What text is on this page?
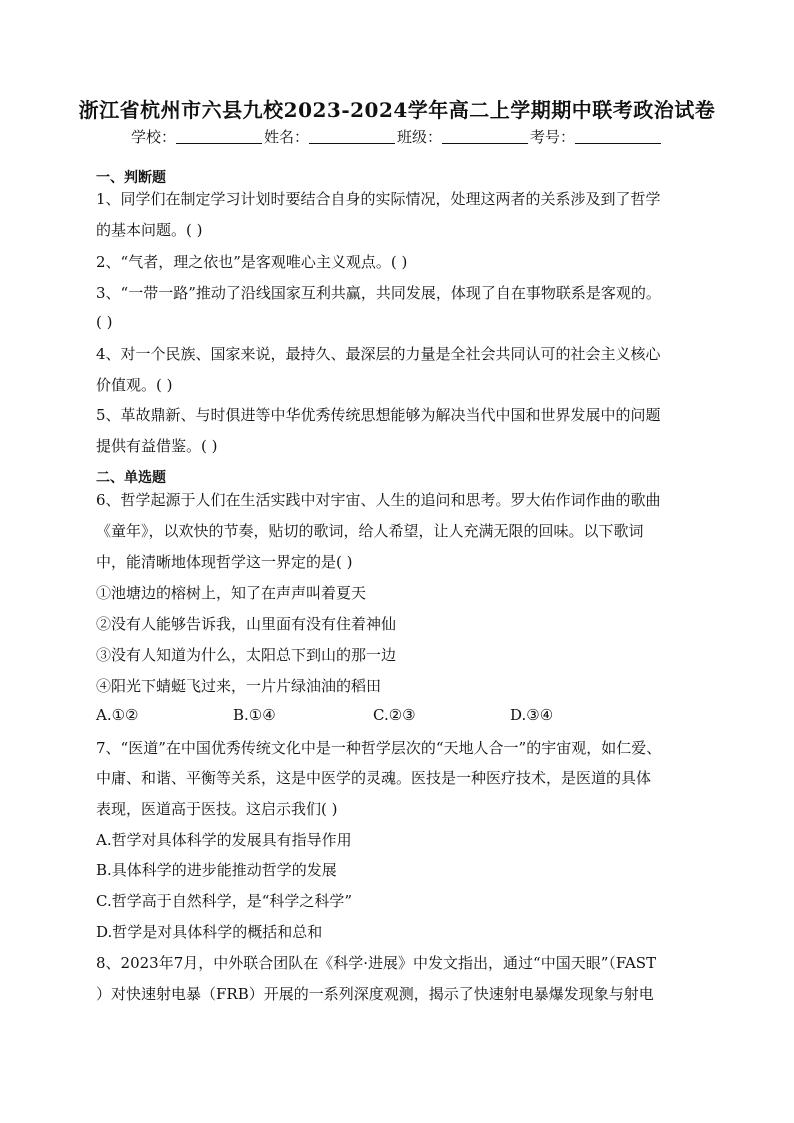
浙江省杭州市六县九校2023-2024学年高二上学期期中联考政治试卷
学校：	姓名：	班级：	考号：
一、判断题
1、同学们在制定学习计划时要结合自身的实际情况，处理这两者的关系涉及到了哲学
的基本问题。( )
2、“气者，理之依也”是客观唯心主义观点。( )
3、“一带一路”推动了沿线国家互利共赢，共同发展，体现了自在事物联系是客观的。
( )
4、对一个民族、国家来说，最持久、最深层的力量是全社会共同认可的社会主义核心
价值观。( )
5、革故鼎新、与时俱进等中华优秀传统思想能够为解决当代中国和世界发展中的问题
提供有益借鉴。( )
二、单选题
6、哲学起源于人们在生活实践中对宇宙、人生的追问和思考。罗大佑作词作曲的歌曲
《童年》，以欢快的节奏，贴切的歌词，给人希望，让人充满无限的回味。以下歌词
中，能清晰地体现哲学这一界定的是( )
①池塘边的榕树上，知了在声声叫着夏天
②没有人能够告诉我，山里面有没有住着神仙
③没有人知道为什么，太阳总下到山的那一边
④阳光下蜻蜓飞过来，一片片绿油油的稻田
A.①②	B.①④	C.②③	D.③④
7、“医道”在中国优秀传统文化中是一种哲学层次的“天地人合一”的宇宙观，如仁爱、
中庸、和谐、平衡等关系，这是中医学的灵魂。医技是一种医疗技术，是医道的具体
表现，医道高于医技。这启示我们( )
A.哲学对具体科学的发展具有指导作用
B.具体科学的进步能推动哲学的发展
C.哲学高于自然科学，是“科学之科学”
D.哲学是对具体科学的概括和总和
8、2023年7月，中外联合团队在《科学·进展》中发文指出，通过“中国天眼”（FAST
）对快速射电暴（FRB）开展的一系列深度观测，揭示了快速射电暴爆发现象与射电
